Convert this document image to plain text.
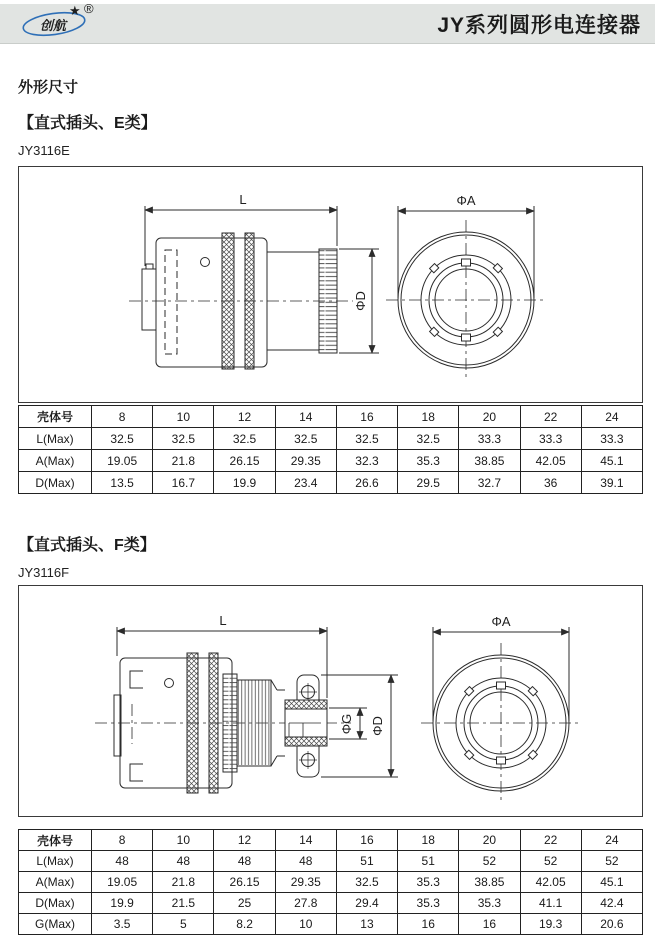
创航
★ ®
JY系列圆形电连接器
外形尺寸
【直式插头、E类】
JY3116E
L
ΦD
ΦA
壳体号	8	10	12	14	16	18	20	22	24
L(Max)	32.5	32.5	32.5	32.5	32.5	32.5	33.3	33.3	33.3
A(Max)	19.05	21.8	26.15	29.35	32.3	35.3	38.85	42.05	45.1
D(Max)	13.5	16.7	19.9	23.4	26.6	29.5	32.7	36	39.1
【直式插头、F类】
JY3116F
L
ΦG ΦD
ΦA
壳体号	8	10	12	14	16	18	20	22	24
L(Max)	48	48	48	48	51	51	52	52	52
A(Max)	19.05	21.8	26.15	29.35	32.5	35.3	38.85	42.05	45.1
D(Max)	19.9	21.5	25	27.8	29.4	35.3	35.3	41.1	42.4
G(Max)	3.5	5	8.2	10	13	16	16	19.3	20.6
